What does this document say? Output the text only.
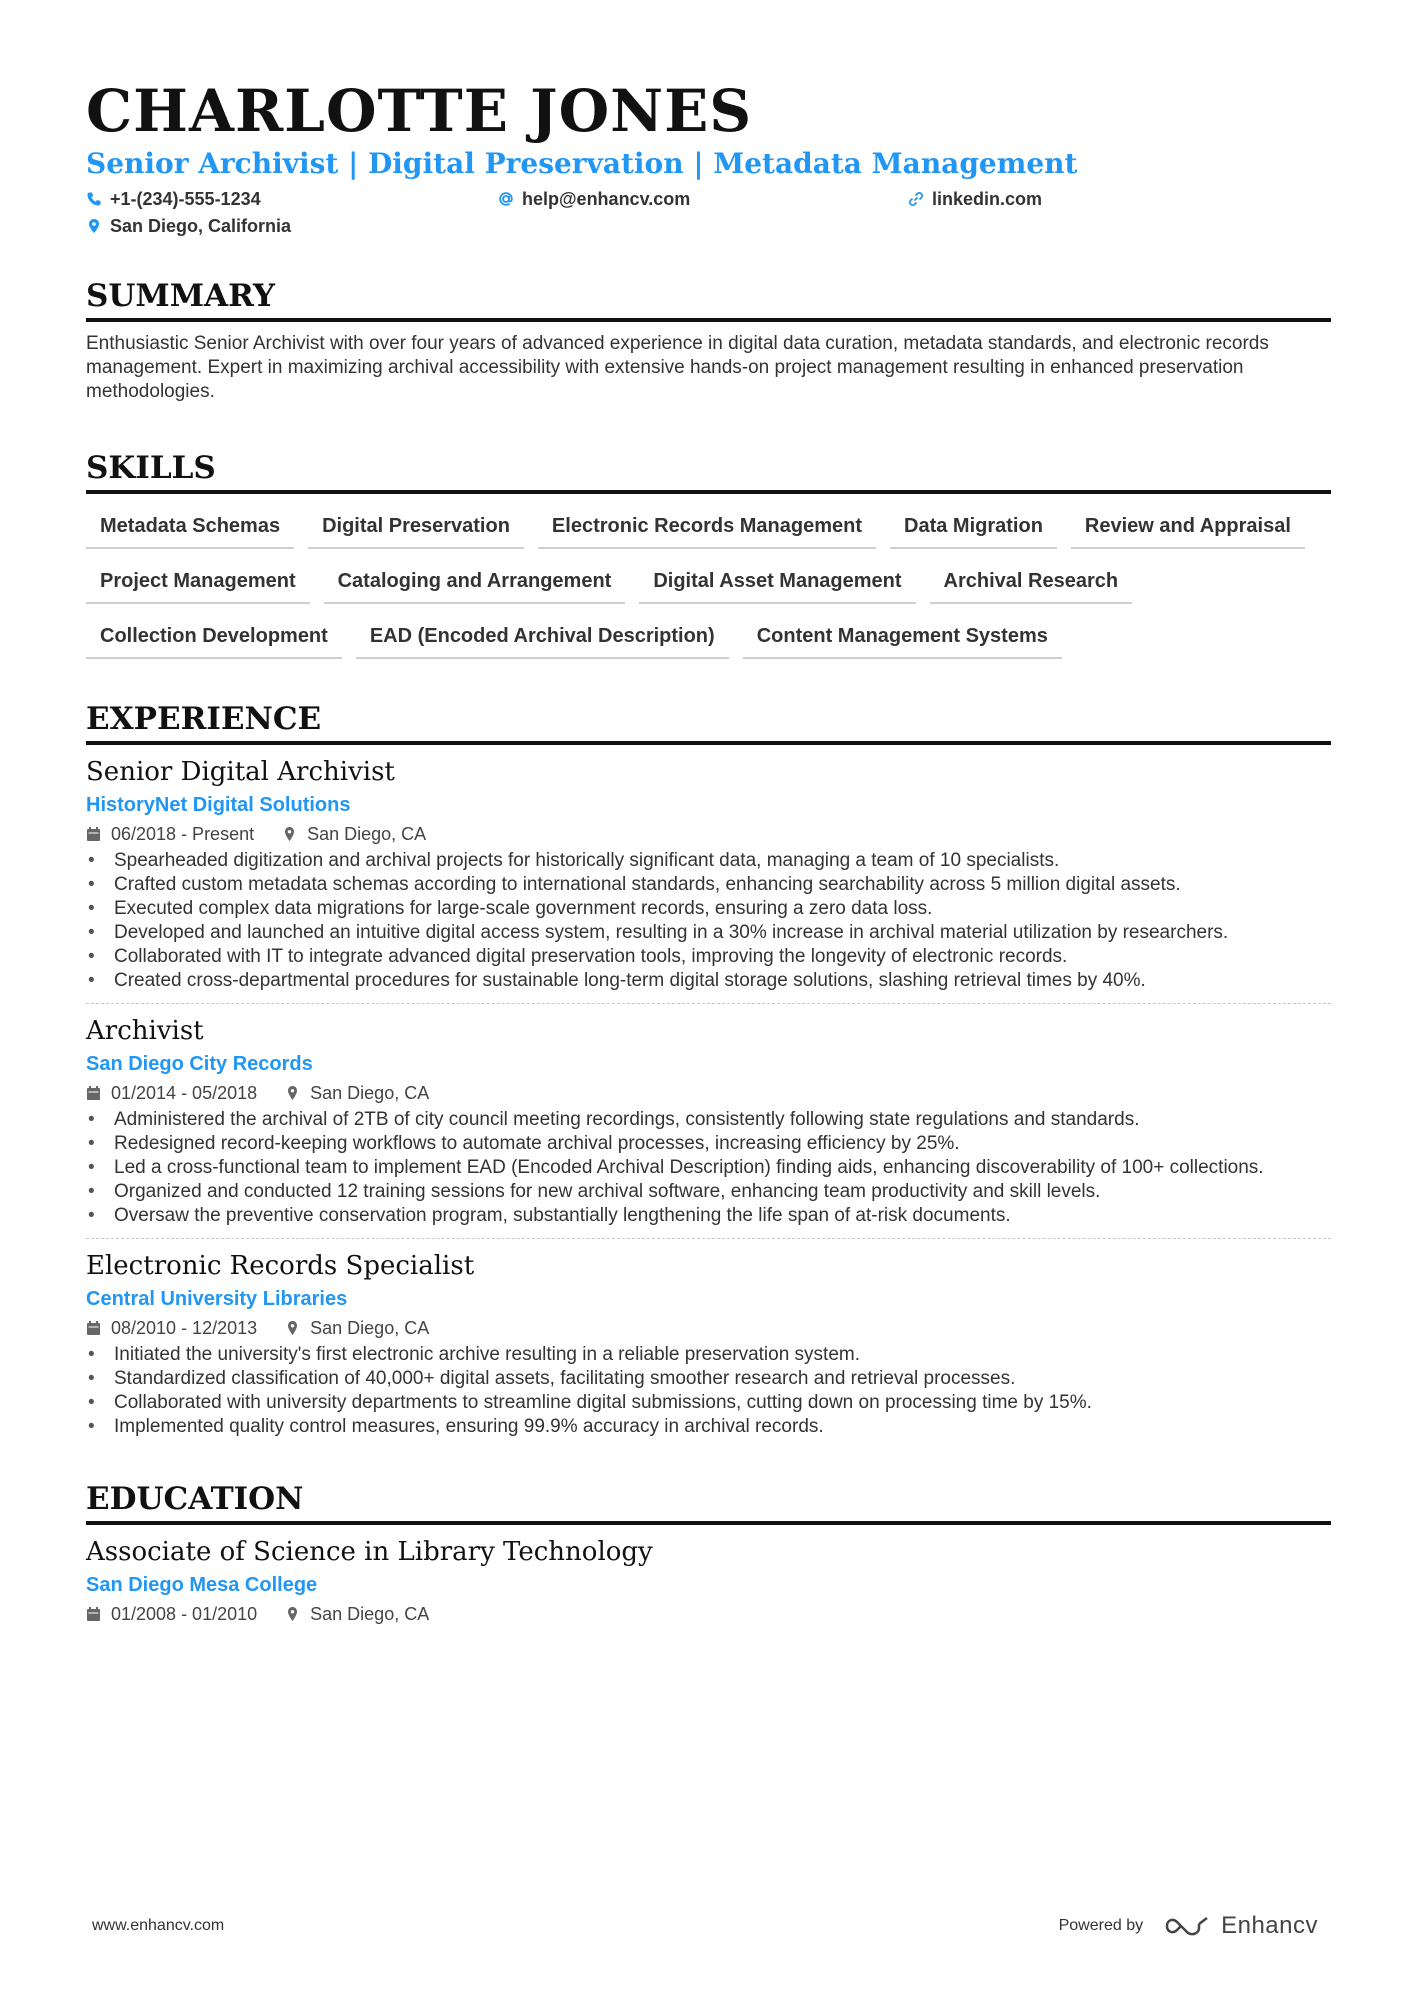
CHARLOTTE JONES
Senior Archivist | Digital Preservation | Metadata Management
+1-(234)-555-1234	help@enhancv.com	linkedin.com
San Diego, California
SUMMARY
Enthusiastic Senior Archivist with over four years of advanced experience in digital data curation, metadata standards, and electronic records management. Expert in maximizing archival accessibility with extensive hands-on project management resulting in enhanced preservation methodologies.
SKILLS
Metadata Schemas	Digital Preservation	Electronic Records Management	Data Migration	Review and Appraisal
Project Management	Cataloging and Arrangement	Digital Asset Management	Archival Research
Collection Development	EAD (Encoded Archival Description)	Content Management Systems
EXPERIENCE
Senior Digital Archivist
HistoryNet Digital Solutions
06/2018 - Present	San Diego, CA
• Spearheaded digitization and archival projects for historically significant data, managing a team of 10 specialists.
• Crafted custom metadata schemas according to international standards, enhancing searchability across 5 million digital assets.
• Executed complex data migrations for large-scale government records, ensuring a zero data loss.
• Developed and launched an intuitive digital access system, resulting in a 30% increase in archival material utilization by researchers.
• Collaborated with IT to integrate advanced digital preservation tools, improving the longevity of electronic records.
• Created cross-departmental procedures for sustainable long-term digital storage solutions, slashing retrieval times by 40%.
Archivist
San Diego City Records
01/2014 - 05/2018	San Diego, CA
• Administered the archival of 2TB of city council meeting recordings, consistently following state regulations and standards.
• Redesigned record-keeping workflows to automate archival processes, increasing efficiency by 25%.
• Led a cross-functional team to implement EAD (Encoded Archival Description) finding aids, enhancing discoverability of 100+ collections.
• Organized and conducted 12 training sessions for new archival software, enhancing team productivity and skill levels.
• Oversaw the preventive conservation program, substantially lengthening the life span of at-risk documents.
Electronic Records Specialist
Central University Libraries
08/2010 - 12/2013	San Diego, CA
• Initiated the university's first electronic archive resulting in a reliable preservation system.
• Standardized classification of 40,000+ digital assets, facilitating smoother research and retrieval processes.
• Collaborated with university departments to streamline digital submissions, cutting down on processing time by 15%.
• Implemented quality control measures, ensuring 99.9% accuracy in archival records.
EDUCATION
Associate of Science in Library Technology
San Diego Mesa College
01/2008 - 01/2010	San Diego, CA
www.enhancv.com	Powered by	Enhancv
